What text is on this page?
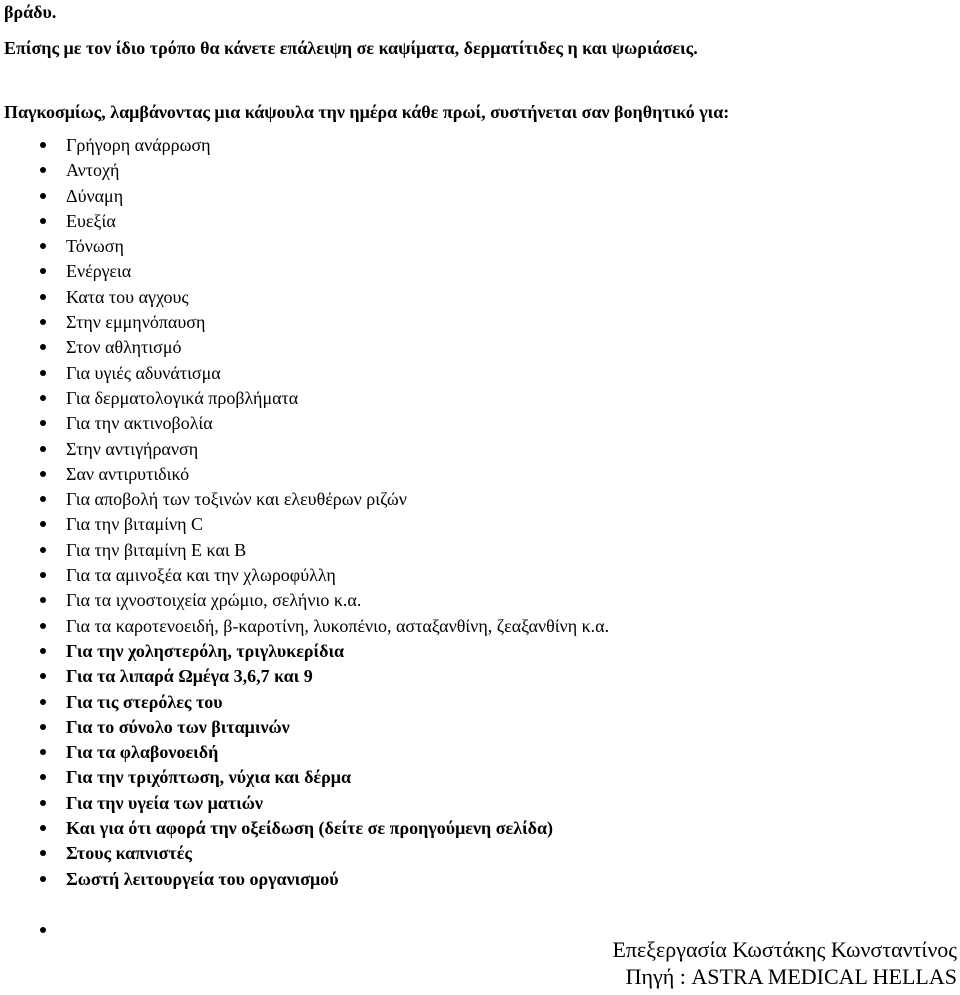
βράδυ.
Επίσης με τον ίδιο τρόπο θα κάνετε επάλειψη σε καψίματα, δερματίτιδες η και ψωριάσεις.
Παγκοσμίως, λαμβάνοντας μια κάψουλα την ημέρα κάθε πρωί, συστήνεται σαν βοηθητικό για:
Γρήγορη ανάρρωση
Αντοχή
Δύναμη
Ευεξία
Τόνωση
Ενέργεια
Κατα του αγχους
Στην εμμηνόπαυση
Στον αθλητισμό
Για υγιές αδυνάτισμα
Για δερματολογικά προβλήματα
Για την ακτινοβολία
Στην αντιγήρανση
Σαν αντιρυτιδικό
Για αποβολή των τοξινών και ελευθέρων ριζών
Για την βιταμίνη C
Για την βιταμίνη E και B
Για τα αμινοξέα και την χλωροφύλλη
Για τα ιχνοστοιχεία χρώμιο, σελήνιο κ.α.
Για τα καροτενοειδή, β-καροτίνη, λυκοπένιο, ασταξανθίνη, ζεαξανθίνη κ.α.
Για την χοληστερόλη, τριγλυκερίδια
Για τα λιπαρά Ωμέγα 3,6,7 και 9
Για τις στερόλες του
Για το σύνολο των βιταμινών
Για τα φλαβονοειδή
Για την τριχόπτωση, νύχια και δέρμα
Για την υγεία των ματιών
Και για ότι αφορά την οξείδωση (δείτε σε προηγούμενη σελίδα)
Στους καπνιστές
Σωστή λειτουργεία του οργανισμού
Επεξεργασία Κωστάκης Κωνσταντίνος
Πηγή : ASTRA MEDICAL HELLAS
